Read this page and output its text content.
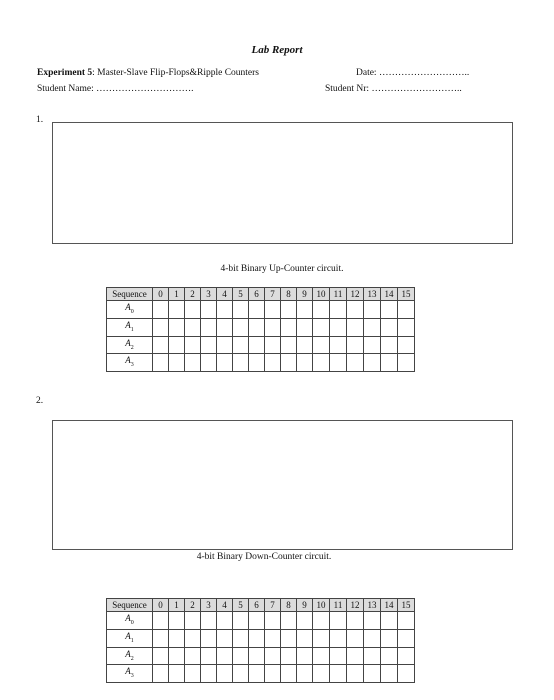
Lab Report
Experiment 5: Master-Slave Flip-Flops&Ripple Counters	Date: ………………………..
Student Name: ………………………….	Student Nr: ………………………..
1.
4-bit Binary Up-Counter circuit.
Sequence	0	1	2	3	4	5	6	7	8	9	10	11	12	13	14	15
$A_0$																
$A_1$																
$A_2$																
$A_3$																
2.
4-bit Binary Down-Counter circuit.
Sequence	0	1	2	3	4	5	6	7	8	9	10	11	12	13	14	15
$A_0$																
$A_1$																
$A_2$																
$A_3$																
